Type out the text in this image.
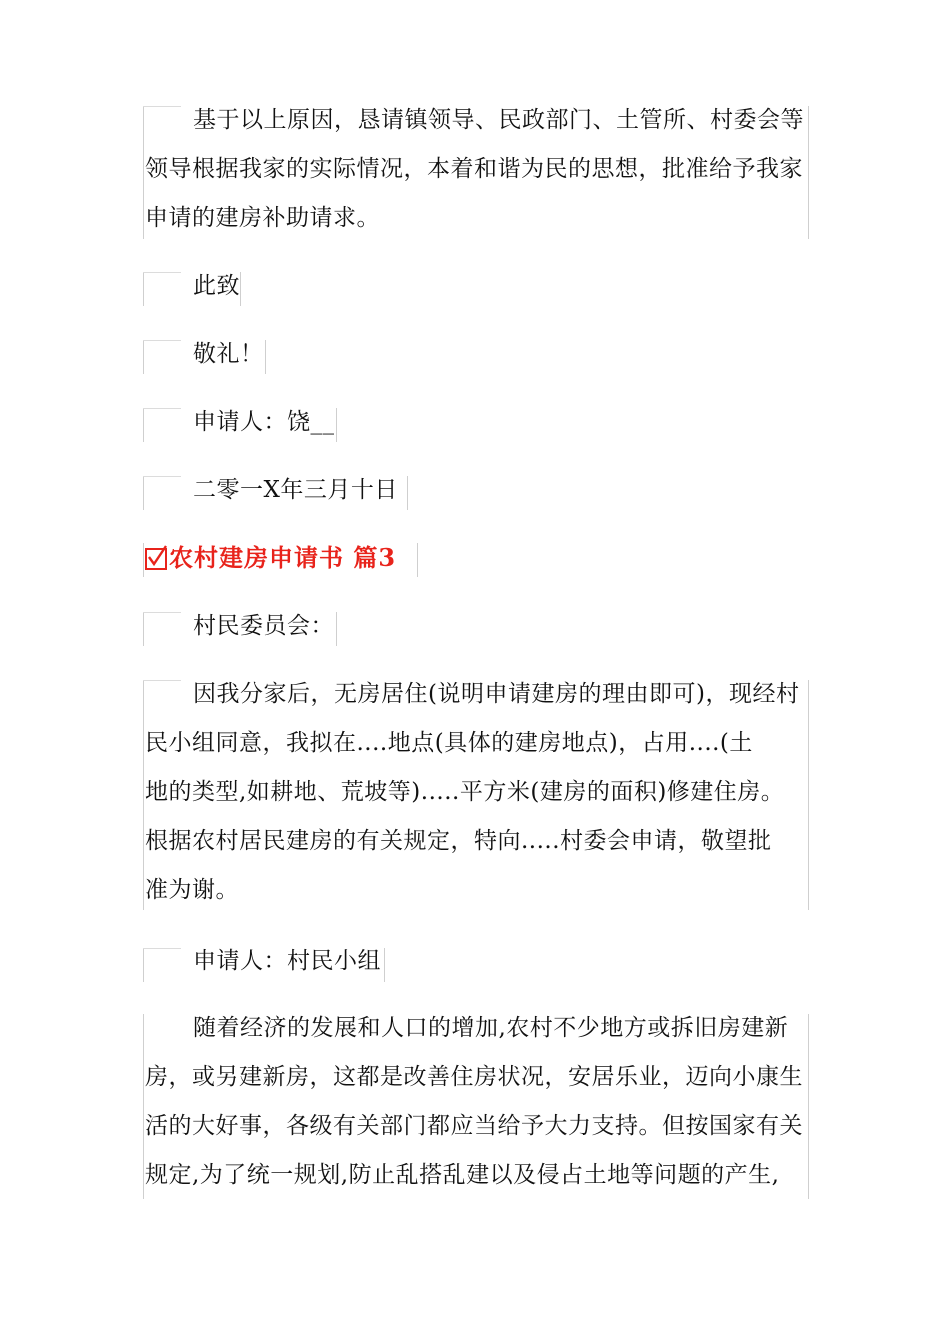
基于以上原因，恳请镇领导、民政部门、土管所、村委会等
领导根据我家的实际情况，本着和谐为民的思想，批准给予我家
申请的建房补助请求。
此致
敬礼！
申请人：饶__
二零一X年三月十日
农村建房申请书 篇3
村民委员会：
因我分家后，无房居住(说明申请建房的理由即可)，现经村
民小组同意，我拟在....地点(具体的建房地点)，占用....(土
地的类型,如耕地、荒坡等).....平方米(建房的面积)修建住房。
根据农村居民建房的有关规定，特向.....村委会申请，敬望批
准为谢。
申请人：村民小组
随着经济的发展和人口的增加,农村不少地方或拆旧房建新
房，或另建新房，这都是改善住房状况，安居乐业，迈向小康生
活的大好事，各级有关部门都应当给予大力支持。但按国家有关
规定,为了统一规划,防止乱搭乱建以及侵占土地等问题的产生,
